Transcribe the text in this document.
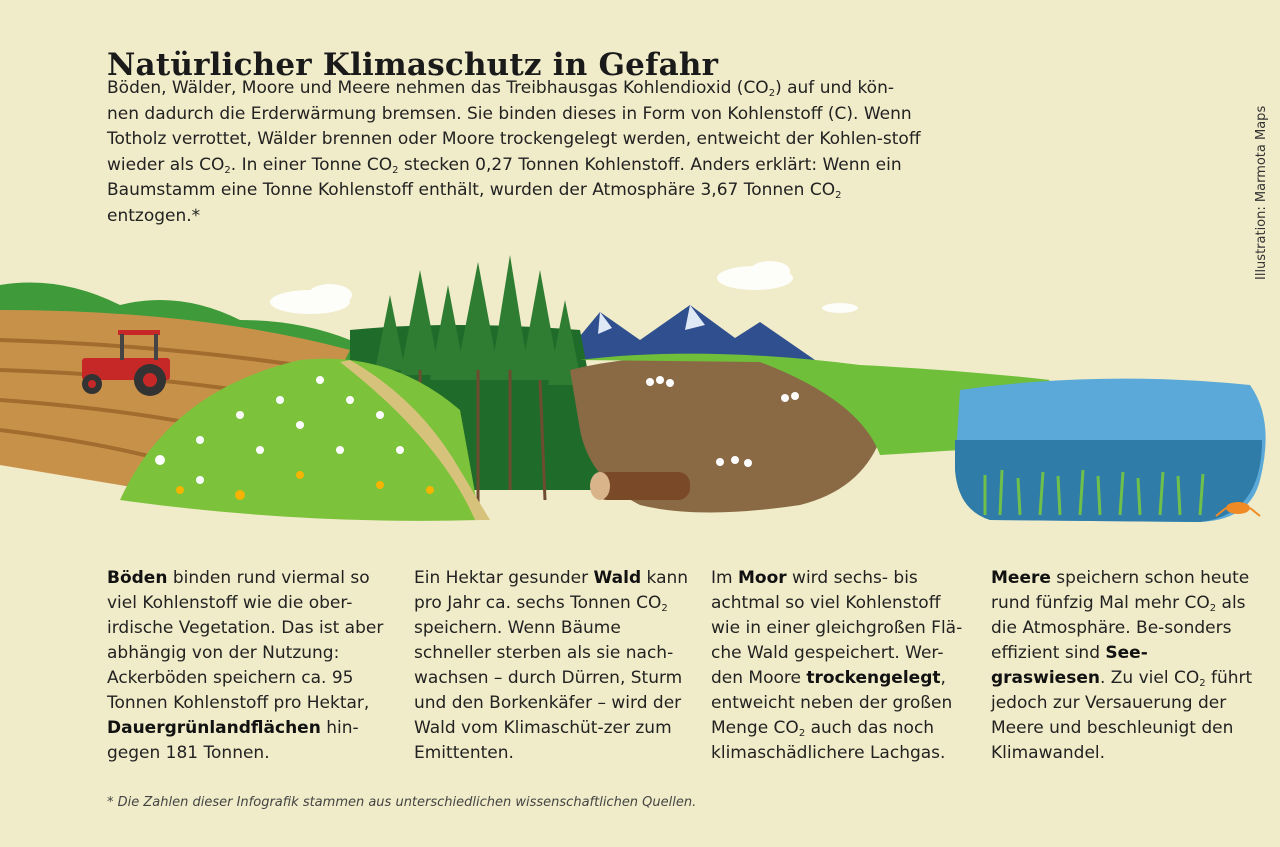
Natürlicher Klimaschutz in Gefahr

Böden, Wälder, Moore und Meere nehmen das Treibhausgas Kohlendioxid $(CO_2)$ auf und kön- nen dadurch die Erderwärmung bremsen. Sie binden dieses in Form von Kohlenstoff (C). Wenn Totholz verrottet, Wälder brennen oder Moore trockengelegt werden, entweicht der Kohlen-stoff wieder als $CO_2$. In einer Tonne $CO_2$ stecken 0,27 Tonnen Kohlenstoff. Anders erklärt: Wenn ein Baumstamm eine Tonne Kohlenstoff enthält, wurden der Atmosphäre 3,67 Tonnen $CO_2$ entzogen.*	Illustration: Marmota Maps

Böden binden rund viermal so viel Kohlenstoff wie die ober-irdische Vegetation. Das ist aber abhängig von der Nutzung: Ackerböden speichern ca. 95 Tonnen Kohlenstoff pro Hektar, Dauergrünlandflächen hin-gegen 181 Tonnen.

Ein Hektar gesunder Wald kann pro Jahr ca. sechs Tonnen $CO_2$ speichern. Wenn Bäume schneller sterben als sie nach-wachsen – durch Dürren, Sturm und den Borkenkäfer – wird der Wald vom Klimaschüt-zer zum Emittenten.

Im Moor wird sechs- bis achtmal so viel Kohlenstoff wie in einer gleichgroßen Flä-che Wald gespeichert. Wer-den Moore trockengelegt, entweicht neben der großen Menge $CO_2$ auch das noch klimaschädlichere Lachgas.

Meere speichern schon heute rund fünfzig Mal mehr $CO_2$ als die Atmosphäre. Be-sonders effizient sind See-graswiesen. Zu viel $CO_2$ führt jedoch zur Versauerung der Meere und beschleunigt den Klimawandel.

* Die Zahlen dieser Infografik stammen aus unterschiedlichen wissenschaftlichen Quellen.
